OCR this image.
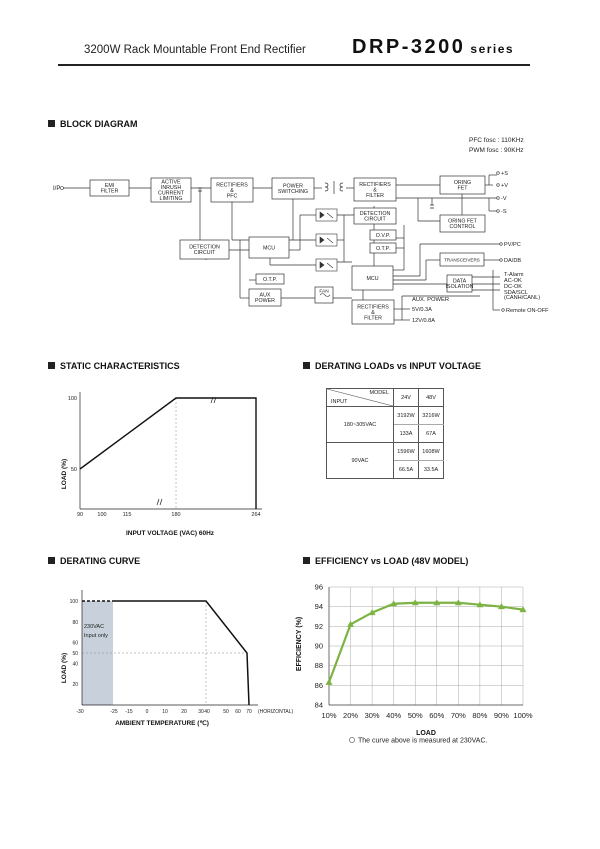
3200W Rack Mountable Front End Rectifier DRP-3200 series
BLOCK DIAGRAM
PFC fosc : 110KHz
PWM fosc : 90KHz
EMI
FILTER
ACTIVE
INRUSH
CURRENT
LIMITING
RECTIFIERS
&
PFC
POWER
SWITCHING
RECTIFIERS
&
FILTER
ORING
FET
DETECTION
CIRCUIT	ORING FET
CONTROL
DETECTION
CIRCUIT
MCU
O.V.P.
O.T.P.
O.T.P.	MCU
TRANSCEIVERS
DATA
ISOLATION
AUX
POWER
FAN
RECTIFIERS
&
FILTER
+S
+V
-V
-S
PV/PC
DA/DB
T-Alarm
AC-OK
DC-OK
SDA/SCL
(CANH/CANL)
Remote ON-OFF
I/P
AUX. POWER
5V/0.3A
12V/0.8A
STATIC CHARACTERISTICS
90	100	115	180	264
100
50
LOAD (%)
INPUT VOLTAGE (VAC) 60Hz
DERATING LOADs vs INPUT VOLTAGE
MODEL
INPUT	24V	48V
180~305VAC	3192W	3216W
	133A	67A
90VAC	1596W	1608W
	66.5A	33.5A
DERATING CURVE
-30	-25 -15	0	10	20 30 40	50 60 70 (HORIZONTAL)
100
80
60
50
40
20
230VAC
Input only
LOAD (%)
AMBIENT TEMPERATURE (℃)
EFFICIENCY vs LOAD (48V MODEL)
84
86
88
90
92
94
96
10% 20% 30% 40% 50% 60% 70% 80% 90% 100%
EFFICIENCY (%)
LOAD
The curve above is measured at 230VAC.
